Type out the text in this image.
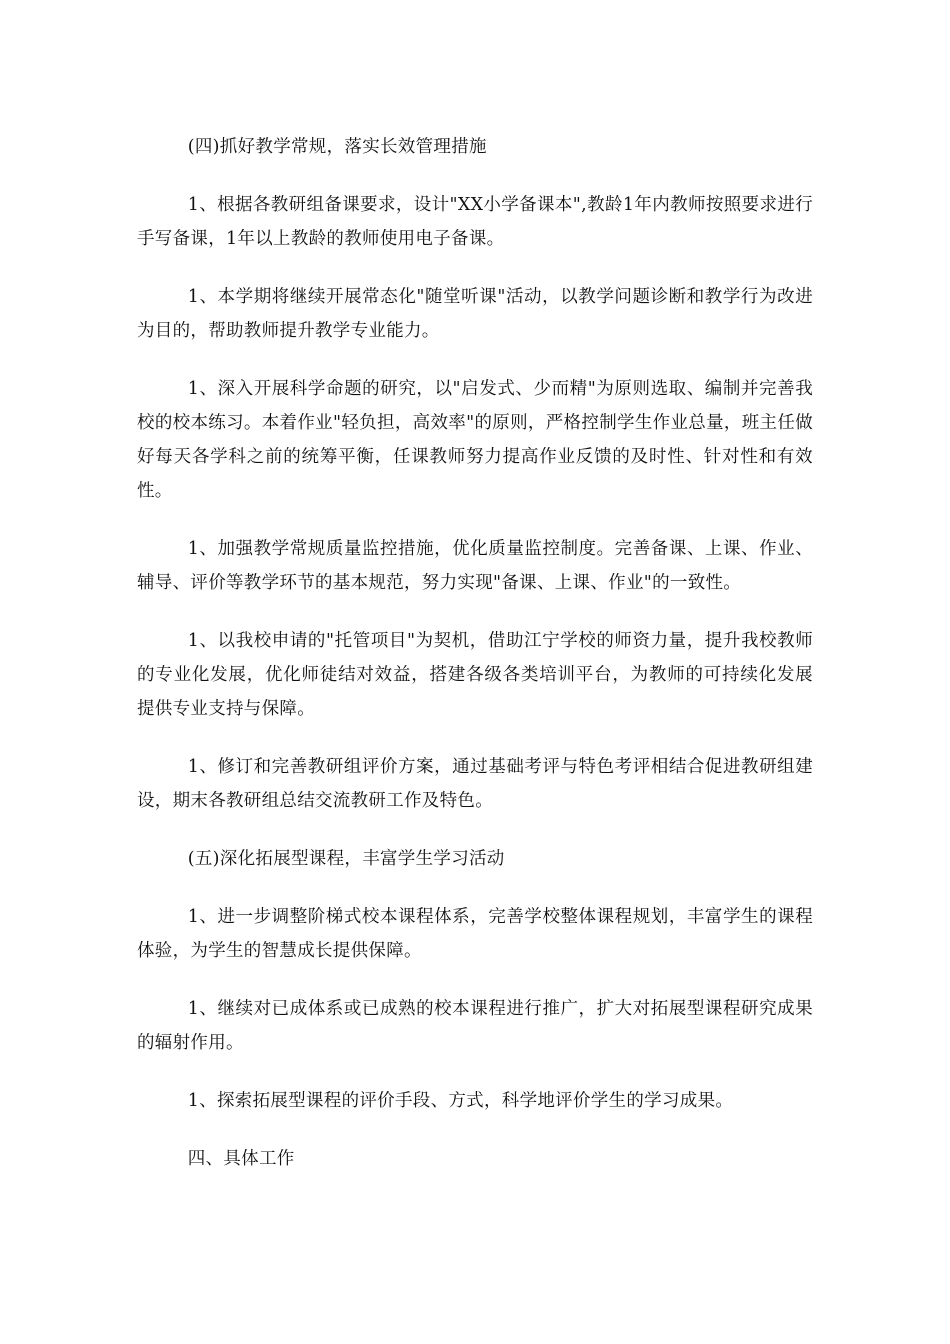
(四)抓好教学常规，落实长效管理措施

1、根据各教研组备课要求，设计"XX小学备课本",教龄1年内教师按照要求进行手写备课，1年以上教龄的教师使用电子备课。

1、本学期将继续开展常态化"随堂听课"活动，以教学问题诊断和教学行为改进为目的，帮助教师提升教学专业能力。

1、深入开展科学命题的研究，以"启发式、少而精"为原则选取、编制并完善我校的校本练习。本着作业"轻负担，高效率"的原则，严格控制学生作业总量，班主任做好每天各学科之前的统筹平衡，任课教师努力提高作业反馈的及时性、针对性和有效性。

1、加强教学常规质量监控措施，优化质量监控制度。完善备课、上课、作业、辅导、评价等教学环节的基本规范，努力实现"备课、上课、作业"的一致性。

1、以我校申请的"托管项目"为契机，借助江宁学校的师资力量，提升我校教师的专业化发展，优化师徒结对效益，搭建各级各类培训平台，为教师的可持续化发展提供专业支持与保障。

1、修订和完善教研组评价方案，通过基础考评与特色考评相结合促进教研组建设，期末各教研组总结交流教研工作及特色。

(五)深化拓展型课程，丰富学生学习活动

1、进一步调整阶梯式校本课程体系，完善学校整体课程规划，丰富学生的课程体验，为学生的智慧成长提供保障。

1、继续对已成体系或已成熟的校本课程进行推广，扩大对拓展型课程研究成果的辐射作用。

1、探索拓展型课程的评价手段、方式，科学地评价学生的学习成果。

四、具体工作
